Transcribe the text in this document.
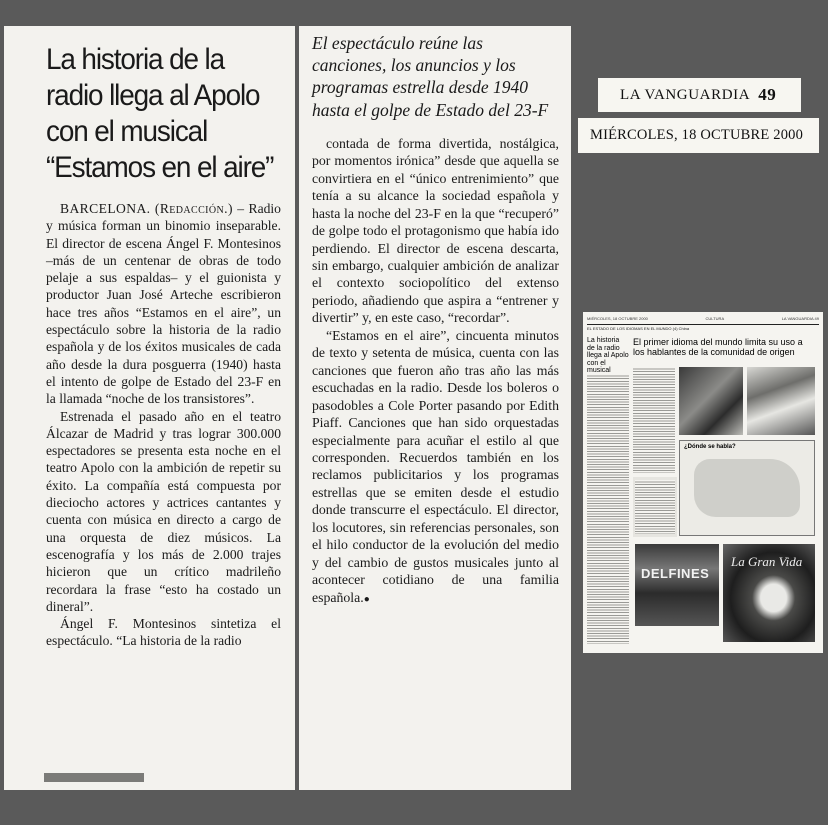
La historia de la radio llega al Apolo con el musical “Estamos en el aire”

BARCELONA. (Redacción.) – Radio y música forman un binomio inseparable. El director de escena Ángel F. Montesinos –más de un centenar de obras de todo pelaje a sus espaldas– y el guionista y productor Juan José Arteche escribieron hace tres años “Estamos en el aire”, un espectáculo sobre la historia de la radio española y de los éxitos musicales de cada año desde la dura posguerra (1940) hasta el intento de golpe de Estado del 23-F en la llamada “noche de los transistores”.

Estrenada el pasado año en el teatro Álcazar de Madrid y tras lograr 300.000 espectadores se presenta esta noche en el teatro Apolo con la ambición de repetir su éxito. La compañía está compuesta por dieciocho actores y actrices cantantes y cuenta con música en directo a cargo de una orquesta de diez músicos. La escenografía y los más de 2.000 trajes hicieron que un crítico madrileño recordara la frase “esto ha costado un dineral”.

Ángel F. Montesinos sintetiza el espectáculo. “La historia de la radio

El espectáculo reúne las canciones, los anuncios y los programas estrella desde 1940 hasta el golpe de Estado del 23-F

contada de forma divertida, nostálgica, por momentos irónica” desde que aquella se convirtiera en el “único entrenimiento” que tenía a su alcance la sociedad española y hasta la noche del 23-F en la que “recuperó” de golpe todo el protagonismo que había ido perdiendo. El director de escena descarta, sin embargo, cualquier ambición de analizar el contexto sociopolítico del extenso periodo, añadiendo que aspira a “entrener y divertir” y, en este caso, “recordar”.

“Estamos en el aire”, cincuenta minutos de texto y setenta de música, cuenta con las canciones que fueron año tras año las más escuchadas en la radio. Desde los boleros o pasodobles a Cole Porter pasando por Edith Piaff. Canciones que han sido orquestadas especialmente para acuñar el estilo al que corresponden. Recuerdos también en los reclamos publicitarios y los programas estrellas que se emiten desde el estudio donde transcurre el espectáculo. El director, los locutores, sin referencias personales, son el hilo conductor de la evolución del medio y del cambio de gustos musicales junto al acontecer cotidiano de una familia española.●

LA VANGUARDIA 49
MIÉRCOLES, 18 OCTUBRE 2000
MIÉRCOLES, 18 OCTUBRE 2000	CULTURA	LA VANGUARDIA 49
EL ESTADO DE LOS IDIOMAS EN EL MUNDO (4) China

La historia de la radio llega al Apolo con el musical

El primer idioma del mundo limita su uso a los hablantes de la comunidad de origen

¿Dónde se habla?
DELFINES
La Gran Vida
